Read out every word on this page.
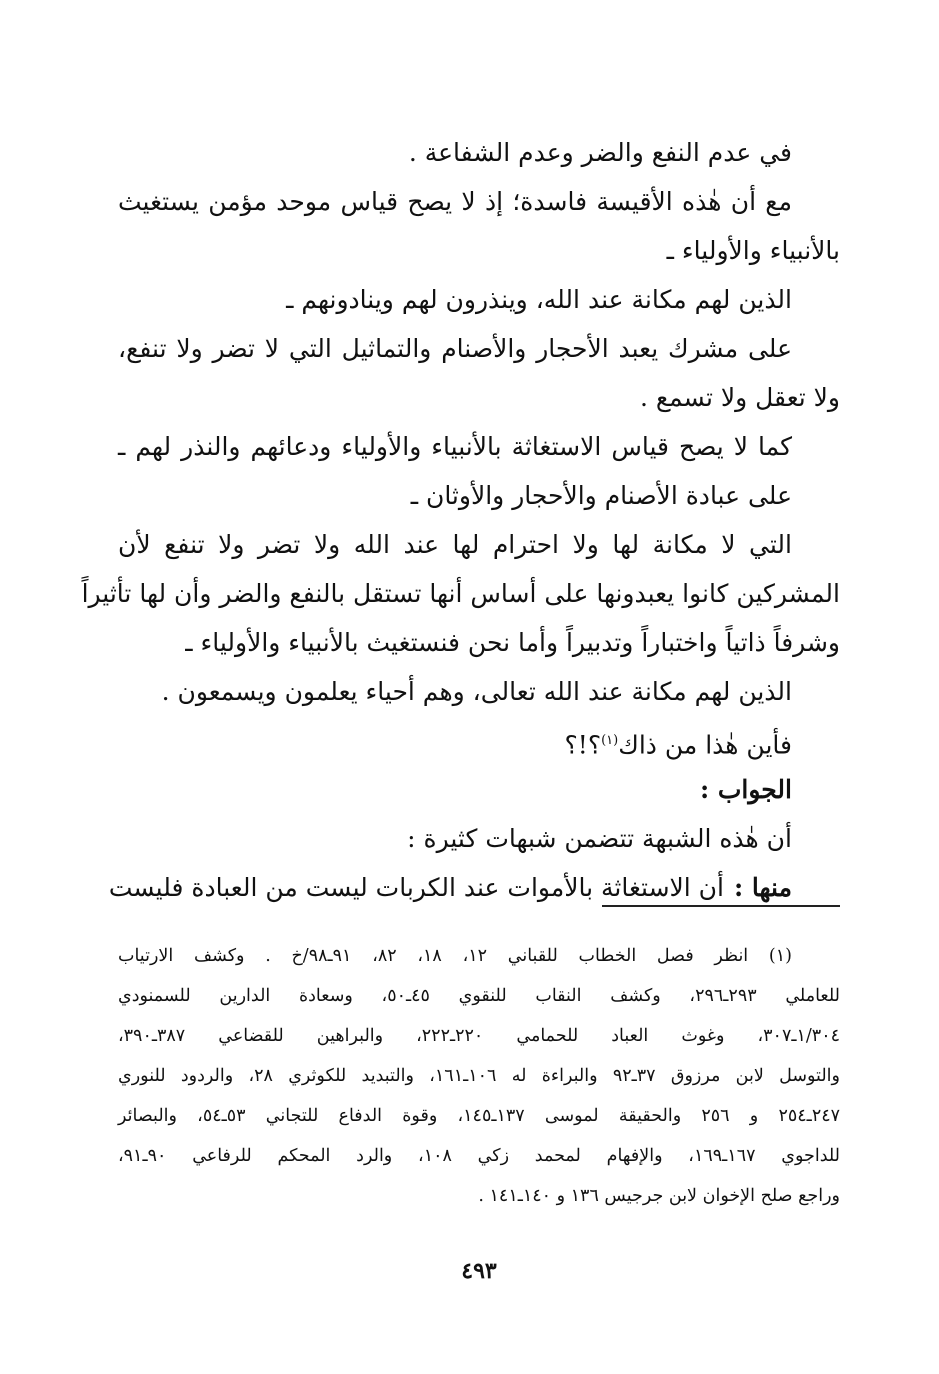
في عدم النفع والضر وعدم الشفاعة .
مع أن هٰذه الأقيسة فاسدة؛ إذ لا يصح قياس موحد مؤمن يستغيث
بالأنبياء والأولياء ـ
الذين لهم مكانة عند الله، وينذرون لهم وينادونهم ـ
على مشرك يعبد الأحجار والأصنام والتماثيل التي لا تضر ولا تنفع،
ولا تعقل ولا تسمع .
كما لا يصح قياس الاستغاثة بالأنبياء والأولياء ودعائهم والنذر لهم ـ
على عبادة الأصنام والأحجار والأوثان ـ
التي لا مكانة لها ولا احترام لها عند الله ولا تضر ولا تنفع لأن
المشركين كانوا يعبدونها على أساس أنها تستقل بالنفع والضر وأن لها تأثيراً
وشرفاً ذاتياً واختباراً وتدبيراً وأما نحن فنستغيث بالأنبياء والأولياء ـ
الذين لهم مكانة عند الله تعالى، وهم أحياء يعلمون ويسمعون .
فأين هٰذا من ذاك$^{(١)}$؟!؟
الجواب :
أن هٰذه الشبهة تتضمن شبهات كثيرة :
منها :أن الاستغاثة بالأموات عند الكربات ليست من العبادة فليست
(١) انظر فصل الخطاب للقباني ١٢، ١٨، ٨٢، ٩١ـ٩٨/خ . وكشف الارتياب
للعاملي ٢٩٣ـ٢٩٦، وكشف النقاب للنقوي ٤٥ـ٥٠، وسعادة الدارين للسمنودي
١/٣٠٤ـ٣٠٧، وغوث العباد للحمامي ٢٢٠ـ٢٢٢، والبراهين للقضاعي ٣٨٧ـ٣٩٠،
والتوسل لابن مرزوق ٣٧ـ٩٢ والبراءة له ١٠٦ـ١٦١، والتبديد للكوثري ٢٨، والردود للنوري
٢٤٧ـ٢٥٤ و ٢٥٦ والحقيقة لموسى ١٣٧ـ١٤٥، وقوة الدفاع للتجاني ٥٣ـ٥٤، والبصائر
للداجوي ١٦٧ـ١٦٩، والإفهام لمحمد زكي ١٠٨، والرد المحكم للرفاعي ٩٠ـ٩١،
وراجع صلح الإخوان لابن جرجيس ١٣٦ و ١٤٠ـ١٤١ .
٤٩٣
